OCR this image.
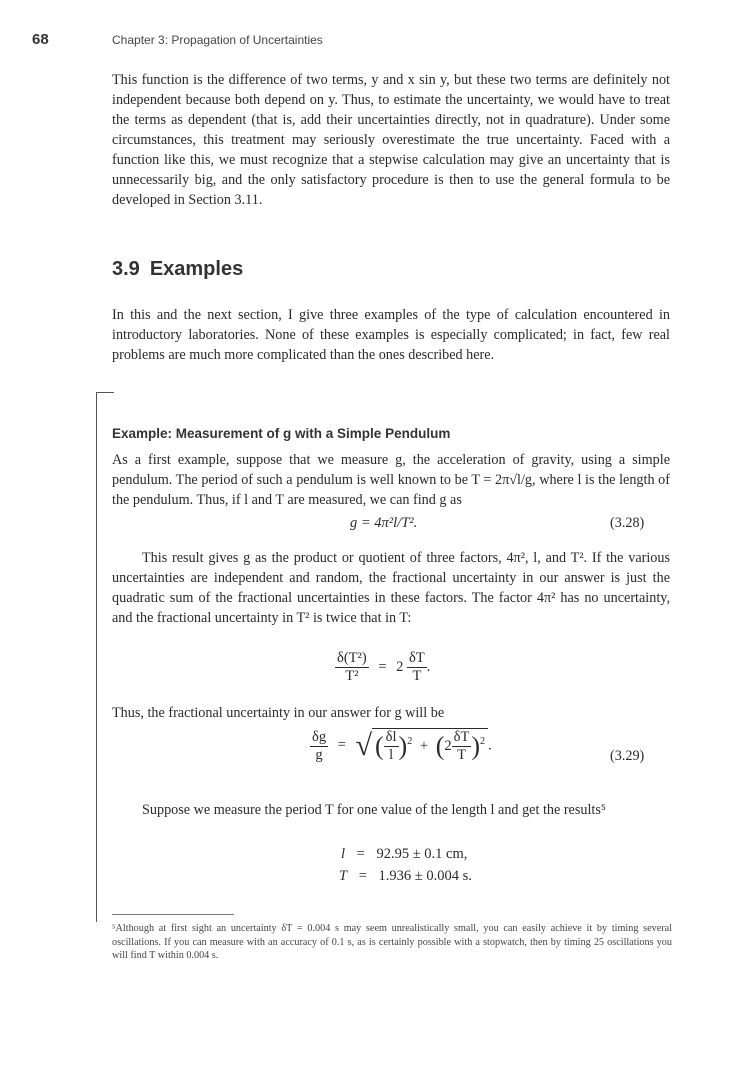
68	Chapter 3: Propagation of Uncertainties

This function is the difference of two terms, y and x sin y, but these two terms are definitely not independent because both depend on y. Thus, to estimate the uncertainty, we would have to treat the terms as dependent (that is, add their uncertainties directly, not in quadrature). Under some circumstances, this treatment may seriously overestimate the true uncertainty. Faced with a function like this, we must recognize that a stepwise calculation may give an uncertainty that is unnecessarily big, and the only satisfactory procedure is then to use the general formula to be developed in Section 3.11.

3.9 Examples

In this and the next section, I give three examples of the type of calculation encountered in introductory laboratories. None of these examples is especially complicated; in fact, few real problems are much more complicated than the ones described here.

Example: Measurement of g with a Simple Pendulum

As a first example, suppose that we measure g, the acceleration of gravity, using a simple pendulum. The period of such a pendulum is well known to be T = 2π√l/g, where l is the length of the pendulum. Thus, if l and T are measured, we can find g as

g = 4π²l/T².	(3.28)

This result gives g as the product or quotient of three factors, 4π², l, and T². If the various uncertainties are independent and random, the fractional uncertainty in our answer is just the quadratic sum of the fractional uncertainties in these factors. The factor 4π² has no uncertainty, and the fractional uncertainty in T² is twice that in T:

$\frac{\text{δ(T²)}}{\text{T²}} = 2 \frac{\delta T}{T}$ .

Thus, the fractional uncertainty in our answer for g will be

$\frac{\delta g}{g}$ = √ ( $\frac{\delta l}{l} )^2 + (2 \frac{\delta T}{T} )^2$ .
(3.29)

Suppose we measure the period T for one value of the length l and get the results⁵

l = 92.95 ± 0.1 cm,
T = 1.936 ± 0.004 s.

⁵Although at first sight an uncertainty δT = 0.004 s may seem unrealistically small, you can easily achieve it by timing several oscillations. If you can measure with an accuracy of 0.1 s, as is certainly possible with a stopwatch, then by timing 25 oscillations you will find T within 0.004 s.
